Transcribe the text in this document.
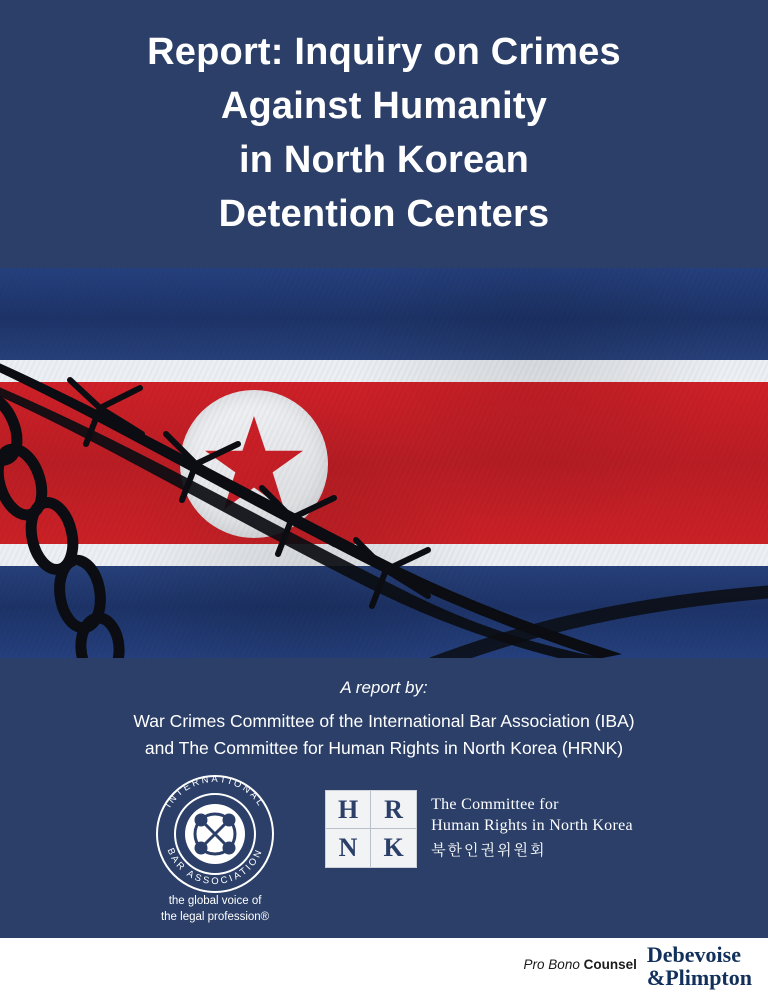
Report: Inquiry on Crimes
Against Humanity
in North Korean
Detention Centers
A report by:
War Crimes Committee of the International Bar Association (IBA)
and The Committee for Human Rights in North Korea (HRNK)
INTERNATIONAL
BAR ASSOCIATION
the global voice of
the legal profession®
H	R
N K
The Committee for
Human Rights in North Korea
북한인권위원회
Pro Bono Counsel Debevoise
&Plimpton
